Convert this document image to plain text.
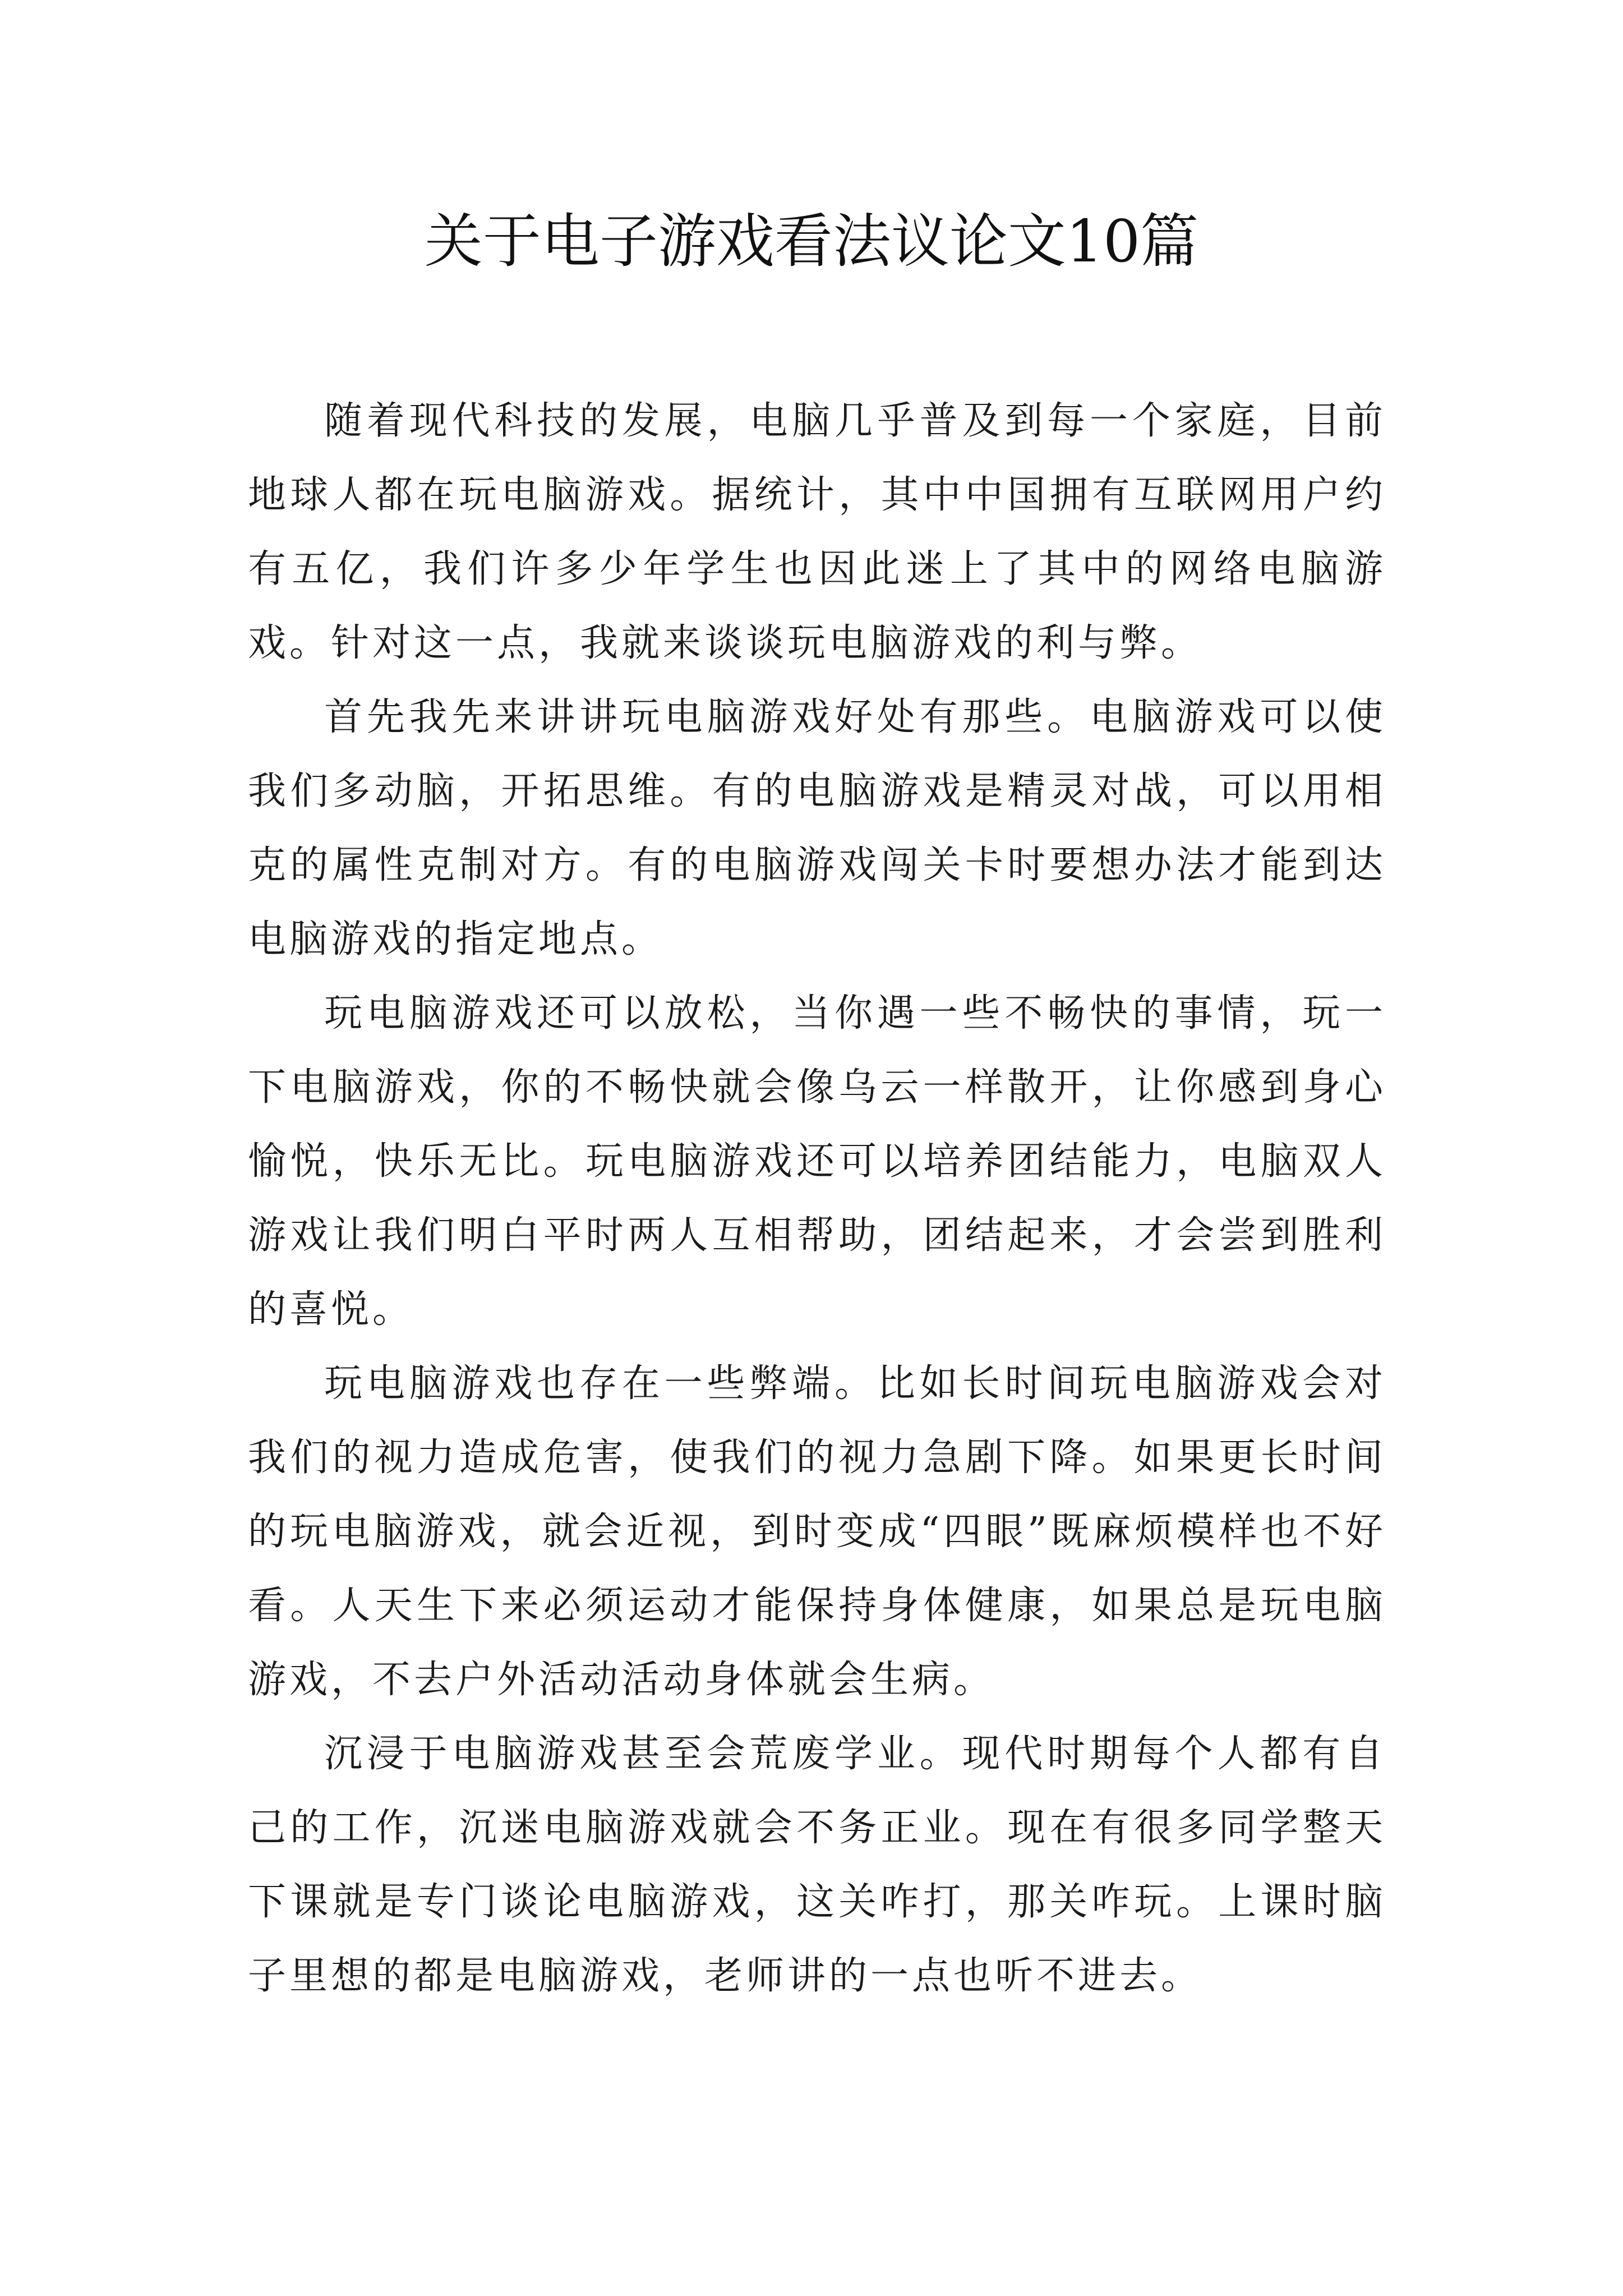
关于电子游戏看法议论文10篇

随着现代科技的发展，电脑几乎普及到每一个家庭，目前地球人都在玩电脑游戏。据统计，其中中国拥有互联网用户约有五亿，我们许多少年学生也因此迷上了其中的网络电脑游戏。针对这一点，我就来谈谈玩电脑游戏的利与弊。

首先我先来讲讲玩电脑游戏好处有那些。电脑游戏可以使我们多动脑，开拓思维。有的电脑游戏是精灵对战，可以用相克的属性克制对方。有的电脑游戏闯关卡时要想办法才能到达电脑游戏的指定地点。

玩电脑游戏还可以放松，当你遇一些不畅快的事情，玩一下电脑游戏，你的不畅快就会像乌云一样散开，让你感到身心愉悦，快乐无比。玩电脑游戏还可以培养团结能力，电脑双人游戏让我们明白平时两人互相帮助，团结起来，才会尝到胜利的喜悦。

玩电脑游戏也存在一些弊端。比如长时间玩电脑游戏会对我们的视力造成危害，使我们的视力急剧下降。如果更长时间的玩电脑游戏，就会近视，到时变成“四眼”既麻烦模样也不好看。人天生下来必须运动才能保持身体健康，如果总是玩电脑游戏，不去户外活动活动身体就会生病。

沉浸于电脑游戏甚至会荒废学业。现代时期每个人都有自己的工作，沉迷电脑游戏就会不务正业。现在有很多同学整天下课就是专门谈论电脑游戏，这关咋打，那关咋玩。上课时脑子里想的都是电脑游戏，老师讲的一点也听不进去。
